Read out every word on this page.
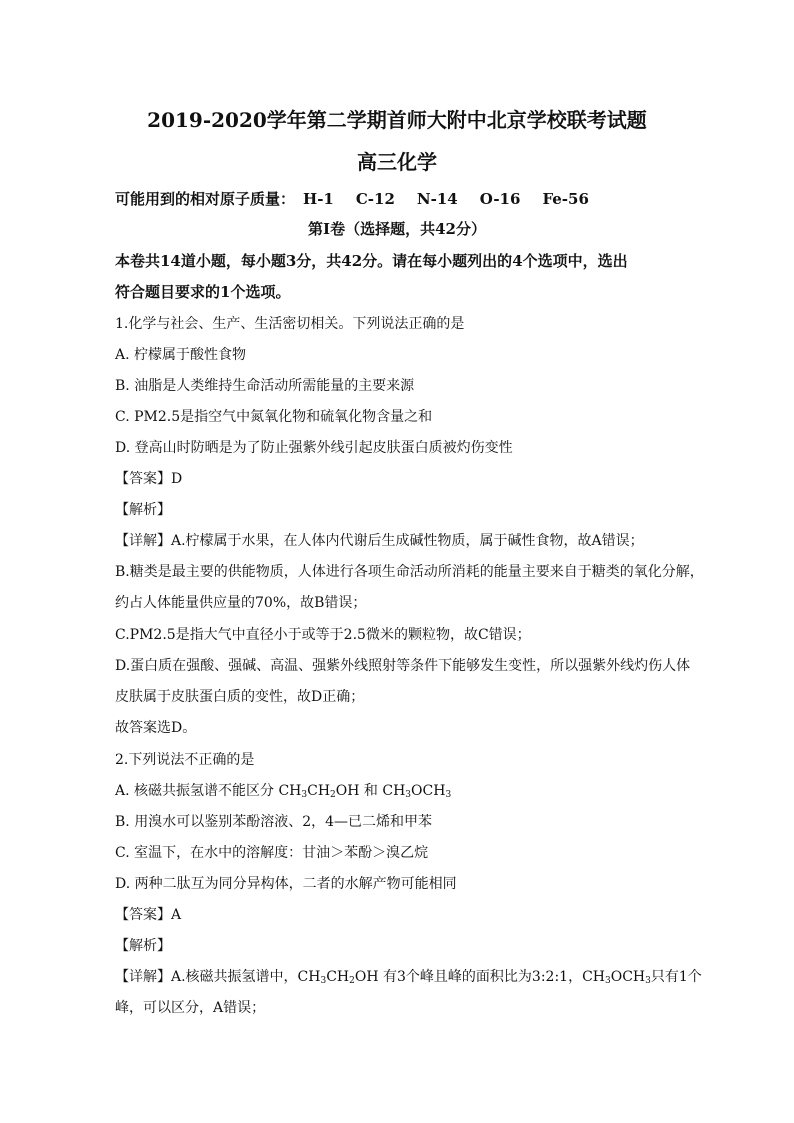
2019-2020学年第二学期首师大附中北京学校联考试题
高三化学
可能用到的相对原子质量： H-1 C-12 N-14 O-16 Fe-56
第I卷（选择题，共42分）
本卷共14道小题，每小题3分，共42分。请在每小题列出的4个选项中，选出
符合题目要求的1个选项。
1.化学与社会、生产、生活密切相关。下列说法正确的是
A. 柠檬属于酸性食物
B. 油脂是人类维持生命活动所需能量的主要来源
C. PM2.5是指空气中氮氧化物和硫氧化物含量之和
D. 登高山时防晒是为了防止强紫外线引起皮肤蛋白质被灼伤变性
【答案】D
【解析】
【详解】A.柠檬属于水果，在人体内代谢后生成碱性物质，属于碱性食物，故A错误；
B.糖类是最主要的供能物质，人体进行各项生命活动所消耗的能量主要来自于糖类的氧化分解，
约占人体能量供应量的70%，故B错误；
C.PM2.5是指大气中直径小于或等于2.5微米的颗粒物，故C错误；
D.蛋白质在强酸、强碱、高温、强紫外线照射等条件下能够发生变性，所以强紫外线灼伤人体
皮肤属于皮肤蛋白质的变性，故D正确；
故答案选D。
2.下列说法不正确的是
A. 核磁共振氢谱不能区分 $CH_3CH_2OH$ 和 $CH_3OCH_3$
B. 用溴水可以鉴别苯酚溶液、2，4—已二烯和甲苯
C. 室温下，在水中的溶解度：甘油＞苯酚＞溴乙烷
D. 两种二肽互为同分异构体，二者的水解产物可能相同
【答案】A
【解析】
【详解】A.核磁共振氢谱中，$CH_3CH_2OH$ 有3个峰且峰的面积比为3:2:1，$CH_3OCH_3$只有1个
峰，可以区分，A错误；
